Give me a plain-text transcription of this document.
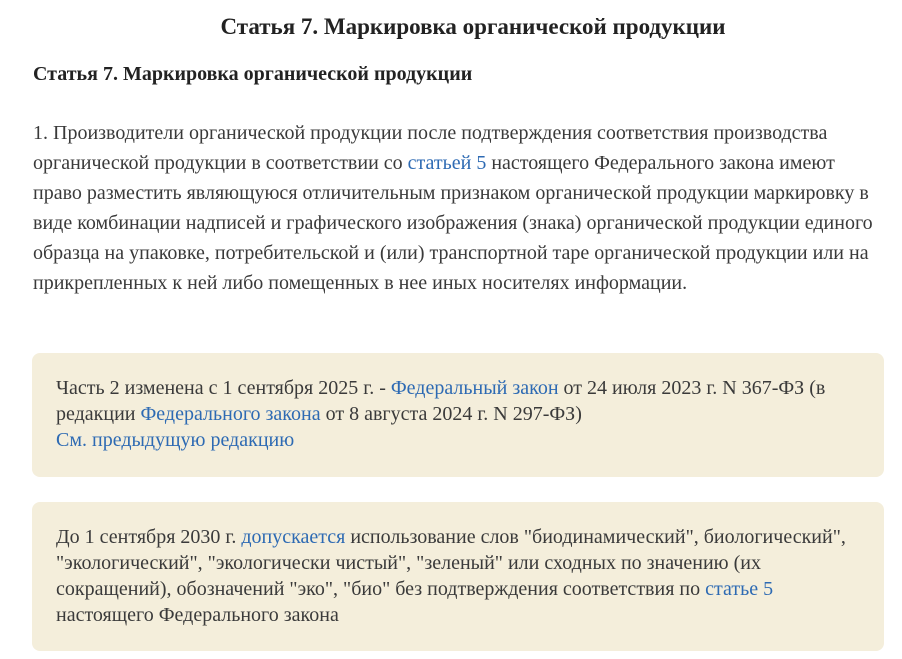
Статья 7. Маркировка органической продукции
Статья 7. Маркировка органической продукции

1. Производители органической продукции после подтверждения соответствия производства органической продукции в соответствии со статьей 5 настоящего Федерального закона имеют право разместить являющуюся отличительным признаком органической продукции маркировку в виде комбинации надписей и графического изображения (знака) органической продукции единого образца на упаковке, потребительской и (или) транспортной таре органической продукции или на прикрепленных к ней либо помещенных в нее иных носителях информации.

Часть 2 изменена с 1 сентября 2025 г. - Федеральный закон от 24 июля 2023 г. N 367-ФЗ (в редакции Федерального закона от 8 августа 2024 г. N 297-ФЗ)

См. предыдущую редакцию

До 1 сентября 2030 г. допускается использование слов "биодинамический", биологический", "экологический", "экологически чистый", "зеленый" или сходных по значению (их сокращений), обозначений "эко", "био" без подтверждения соответствия по статье 5 настоящего Федерального закона
